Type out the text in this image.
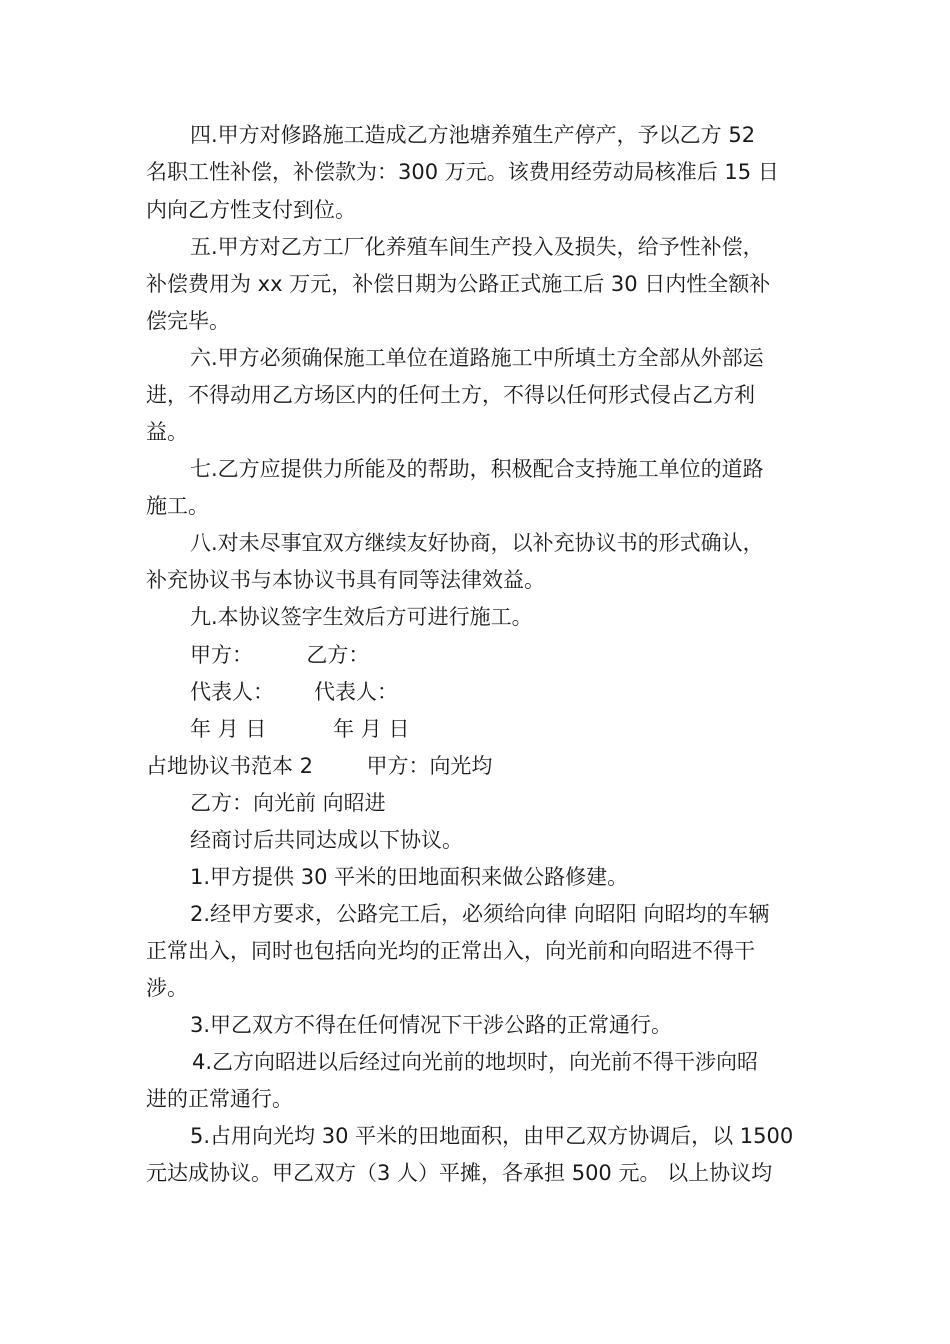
四.甲方对修路施工造成乙方池塘养殖生产停产，予以乙方 52
名职工性补偿，补偿款为：300 万元。该费用经劳动局核准后 15 日
内向乙方性支付到位。
五.甲方对乙方工厂化养殖车间生产投入及损失，给予性补偿，
补偿费用为 xx 万元，补偿日期为公路正式施工后 30 日内性全额补
偿完毕。
六.甲方必须确保施工单位在道路施工中所填土方全部从外部运
进，不得动用乙方场区内的任何土方，不得以任何形式侵占乙方利
益。
七.乙方应提供力所能及的帮助，积极配合支持施工单位的道路
施工。
八.对未尽事宜双方继续友好协商，以补充协议书的形式确认，
补充协议书与本协议书具有同等法律效益。
九.本协议签字生效后方可进行施工。
甲方：        乙方：
代表人：      代表人：
年 月 日          年 月 日
占地协议书范本 2        甲方：向光均
乙方：向光前 向昭进
经商讨后共同达成以下协议。
1.甲方提供 30 平米的田地面积来做公路修建。
2.经甲方要求，公路完工后，必须给向律 向昭阳 向昭均的车辆
正常出入，同时也包括向光均的正常出入，向光前和向昭进不得干
涉。
3.甲乙双方不得在任何情况下干涉公路的正常通行。
4.乙方向昭进以后经过向光前的地坝时，向光前不得干涉向昭
进的正常通行。
5.占用向光均 30 平米的田地面积，由甲乙双方协调后，以 1500
元达成协议。甲乙双方（3 人）平摊，各承担 500 元。 以上协议均
